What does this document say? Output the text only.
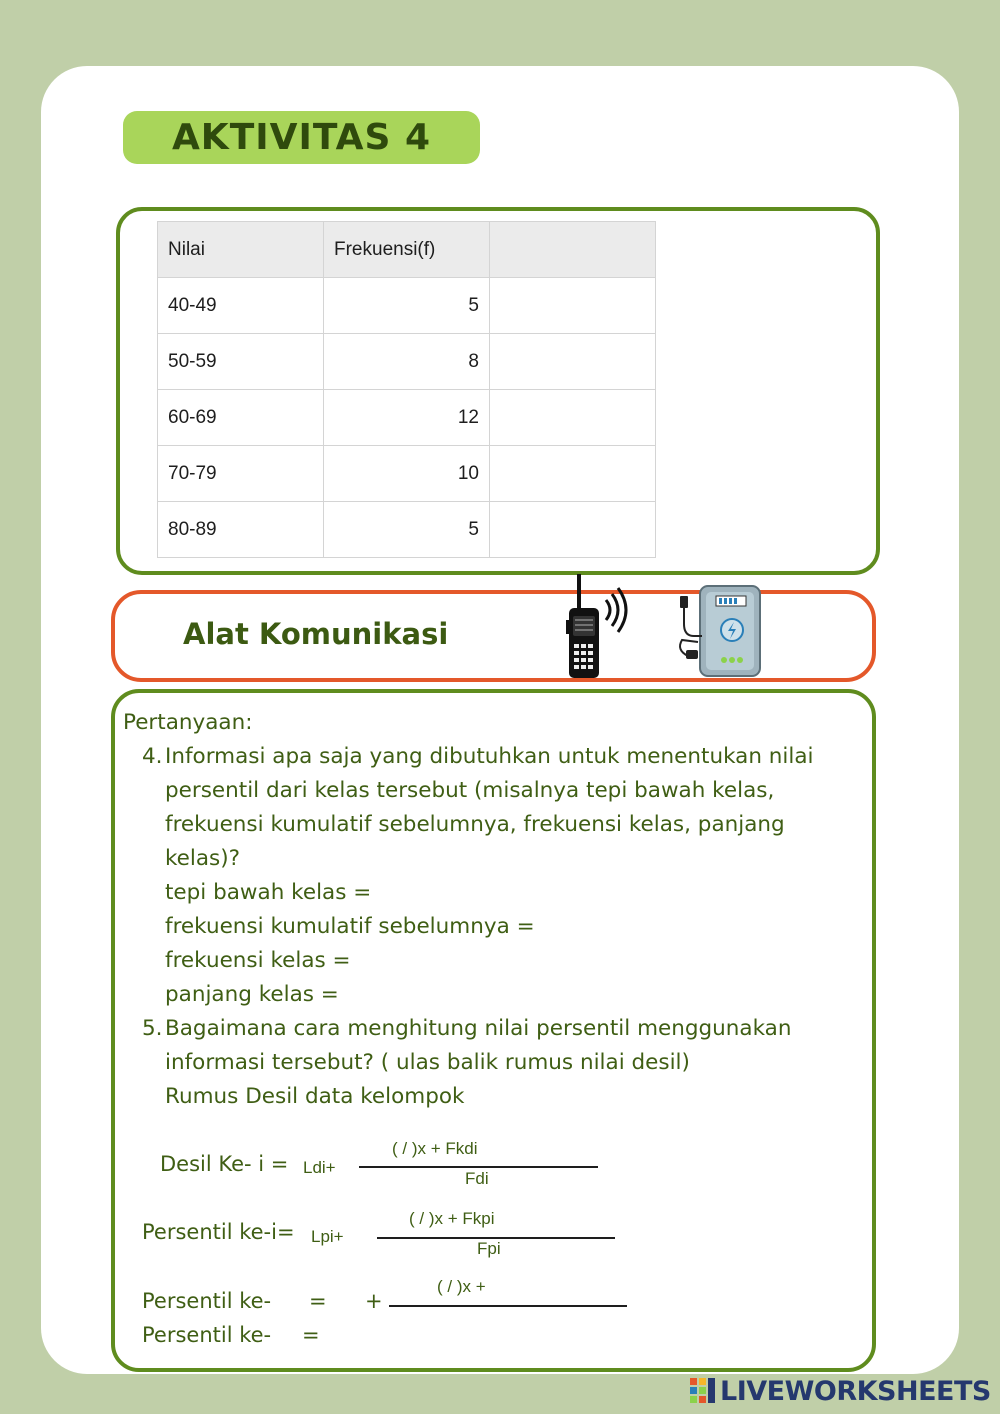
AKTIVITAS 4
Nilai	Frekuensi(f)	
40-49	5	
50-59	8	
60-69	12	
70-79	10	
80-89	5	
Alat Komunikasi
Pertanyaan:
4. Informasi apa saja yang dibutuhkan untuk menentukan nilai
persentil dari kelas tersebut (misalnya tepi bawah kelas,
frekuensi kumulatif sebelumnya, frekuensi kelas, panjang
kelas)?
tepi bawah kelas =
frekuensi kumulatif sebelumnya =
frekuensi kelas =
panjang kelas =
5. Bagaimana cara menghitung nilai persentil menggunakan
informasi tersebut? ( ulas balik rumus nilai desil)
Rumus Desil data kelompok
Desil Ke- i = Ldi+
( / )x + Fkdi
Fdi
Persentil ke-i= Lpi+
( / )x + Fkpi
Fpi
Persentil ke- = +
( / )x +
Persentil ke- =
LIVEWORKSHEETS
